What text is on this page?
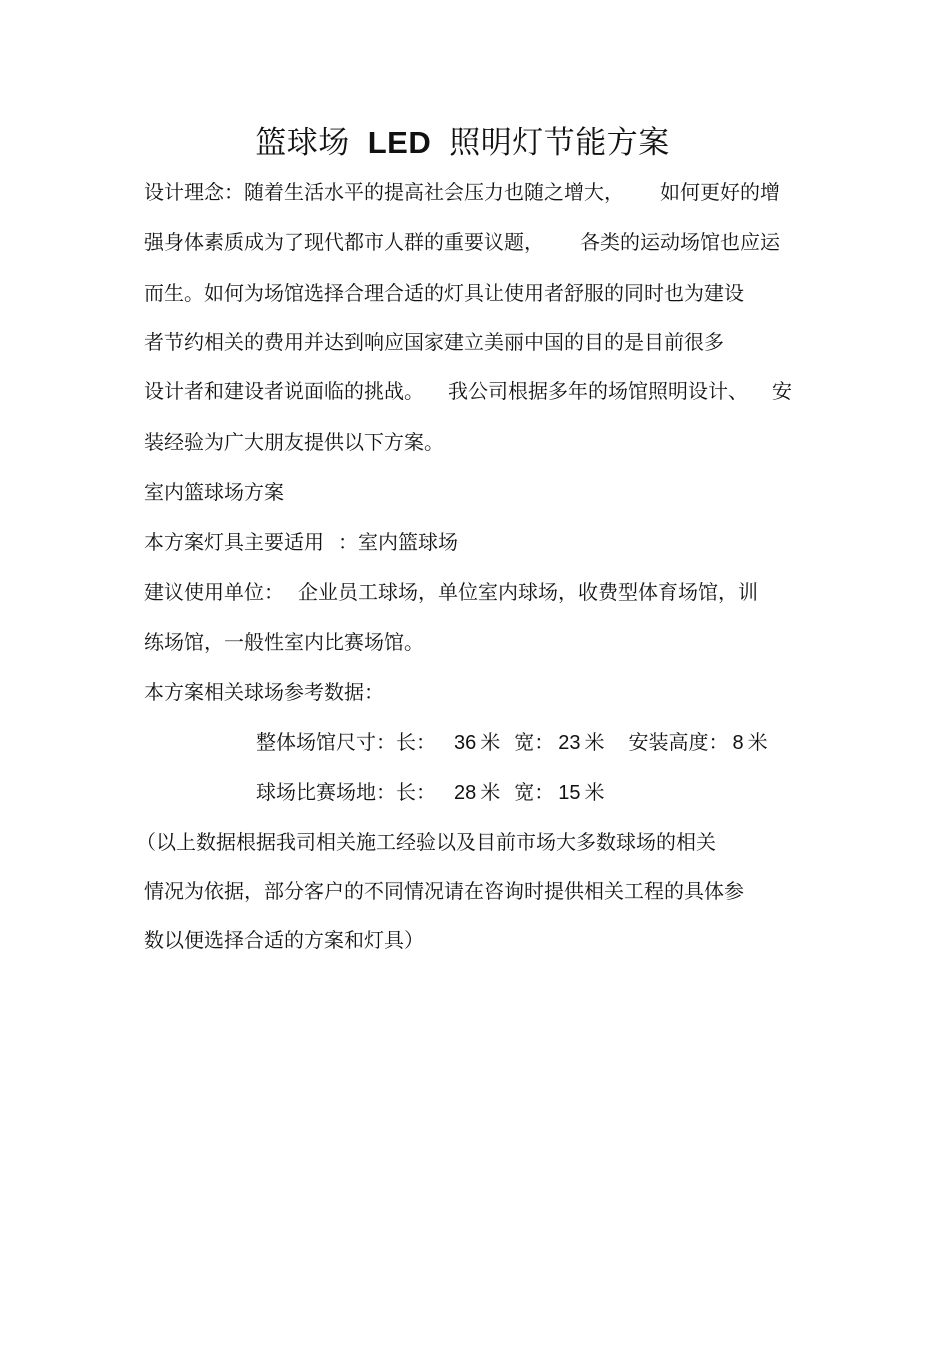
篮球场 LED 照明灯节能方案
设计理念：随着生活水平的提高社会压力也随之增大， 如何更好的增
强身体素质成为了现代都市人群的重要议题， 各类的运动场馆也应运
而生。如何为场馆选择合理合适的灯具让使用者舒服的同时也为建设
者节约相关的费用并达到响应国家建立美丽中国的目的是目前很多
设计者和建设者说面临的挑战。 我公司根据多年的场馆照明设计、 安
装经验为广大朋友提供以下方案。
室内篮球场方案
本方案灯具主要适用 ：室内篮球场
建议使用单位： 企业员工球场，单位室内球场，收费型体育场馆，训
练场馆，一般性室内比赛场馆。
本方案相关球场参考数据：
整体场馆尺寸：长： 36 米 宽： 23 米 安装高度： 8 米
球场比赛场地：长： 28 米 宽： 15 米
（以上数据根据我司相关施工经验以及目前市场大多数球场的相关
情况为依据，部分客户的不同情况请在咨询时提供相关工程的具体参
数以便选择合适的方案和灯具）
